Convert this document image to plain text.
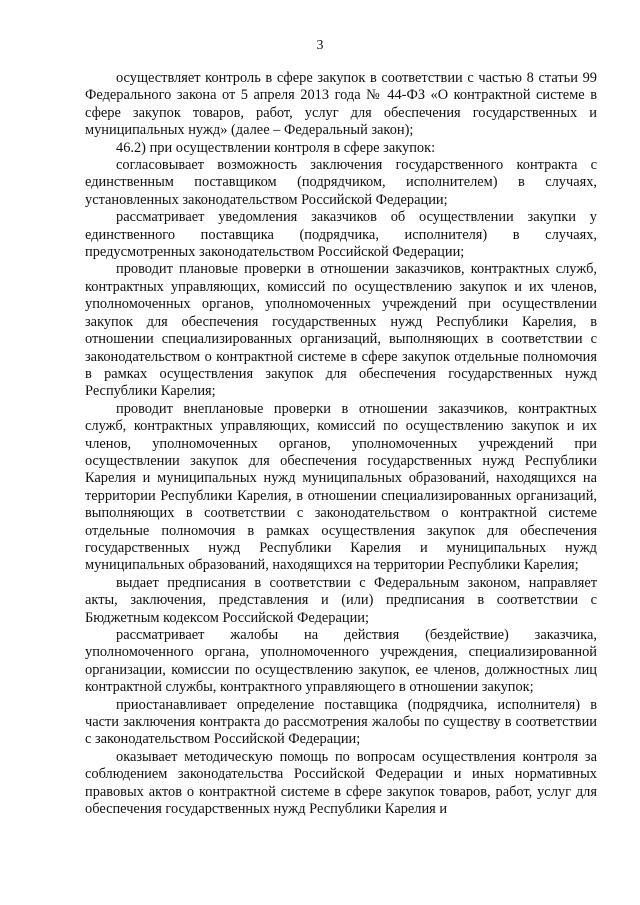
3

осуществляет контроль в сфере закупок в соответствии с частью 8 статьи 99 Федерального закона от 5 апреля 2013 года № 44-ФЗ «О контрактной системе в сфере закупок товаров, работ, услуг для обеспечения государственных и муниципальных нужд» (далее – Федеральный закон);

46.2) при осуществлении контроля в сфере закупок:

согласовывает возможность заключения государственного контракта с единственным поставщиком (подрядчиком, исполнителем) в случаях, установленных законодательством Российской Федерации;

рассматривает уведомления заказчиков об осуществлении закупки у единственного поставщика (подрядчика, исполнителя) в случаях, предусмотренных законодательством Российской Федерации;

проводит плановые проверки в отношении заказчиков, контрактных служб, контрактных управляющих, комиссий по осуществлению закупок и их членов, уполномоченных органов, уполномоченных учреждений при осуществлении закупок для обеспечения государственных нужд Республики Карелия, в отношении специализированных организаций, выполняющих в соответствии с законодательством о контрактной системе в сфере закупок отдельные полномочия в рамках осуществления закупок для обеспечения государственных нужд Республики Карелия;

проводит внеплановые проверки в отношении заказчиков, контрактных служб, контрактных управляющих, комиссий по осуществлению закупок и их членов, уполномоченных органов, уполномоченных учреждений при осуществлении закупок для обеспечения государственных нужд Республики Карелия и муниципальных нужд муниципальных образований, находящихся на территории Республики Карелия, в отношении специализированных организаций, выполняющих в соответствии с законодательством о контрактной системе отдельные полномочия в рамках осуществления закупок для обеспечения государственных нужд Республики Карелия и муниципальных нужд муниципальных образований, находящихся на территории Республики Карелия;

выдает предписания в соответствии с Федеральным законом, направляет акты, заключения, представления и (или) предписания в соответствии с Бюджетным кодексом Российской Федерации;

рассматривает жалобы на действия (бездействие) заказчика, уполномоченного органа, уполномоченного учреждения, специализированной организации, комиссии по осуществлению закупок, ее членов, должностных лиц контрактной службы, контрактного управляющего в отношении закупок;

приостанавливает определение поставщика (подрядчика, исполнителя) в части заключения контракта до рассмотрения жалобы по существу в соответствии с законодательством Российской Федерации;

оказывает методическую помощь по вопросам осуществления контроля за соблюдением законодательства Российской Федерации и иных нормативных правовых актов о контрактной системе в сфере закупок товаров, работ, услуг для обеспечения государственных нужд Республики Карелия и
